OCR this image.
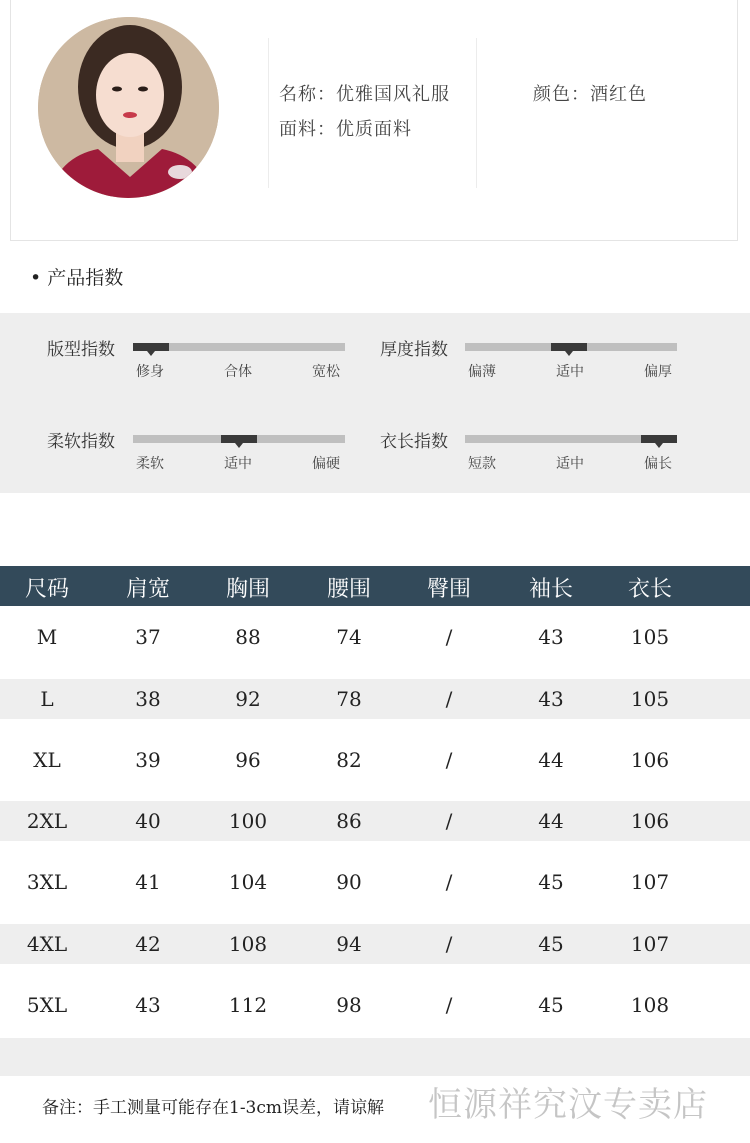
名称：优雅国风礼服
面料：优质面料
颜色：酒红色
• 产品指数
版型指数
修身	合体	宽松
厚度指数
偏薄	适中	偏厚
柔软指数
柔软	适中	偏硬
衣长指数
短款	适中	偏长
尺码	肩宽	胸围	腰围	臀围	袖长	衣长
M	37	88	74	/	43	105
L	38	92	78	/	43	105
XL	39	96	82	/	44	106
2XL	40	100	86	/	44	106
3XL	41	104	90	/	45	107
4XL	42	108	94	/	45	107
5XL	43	112	98	/	45	108
备注：手工测量可能存在1-3cm误差，请谅解 恒源祥究汶专卖店
